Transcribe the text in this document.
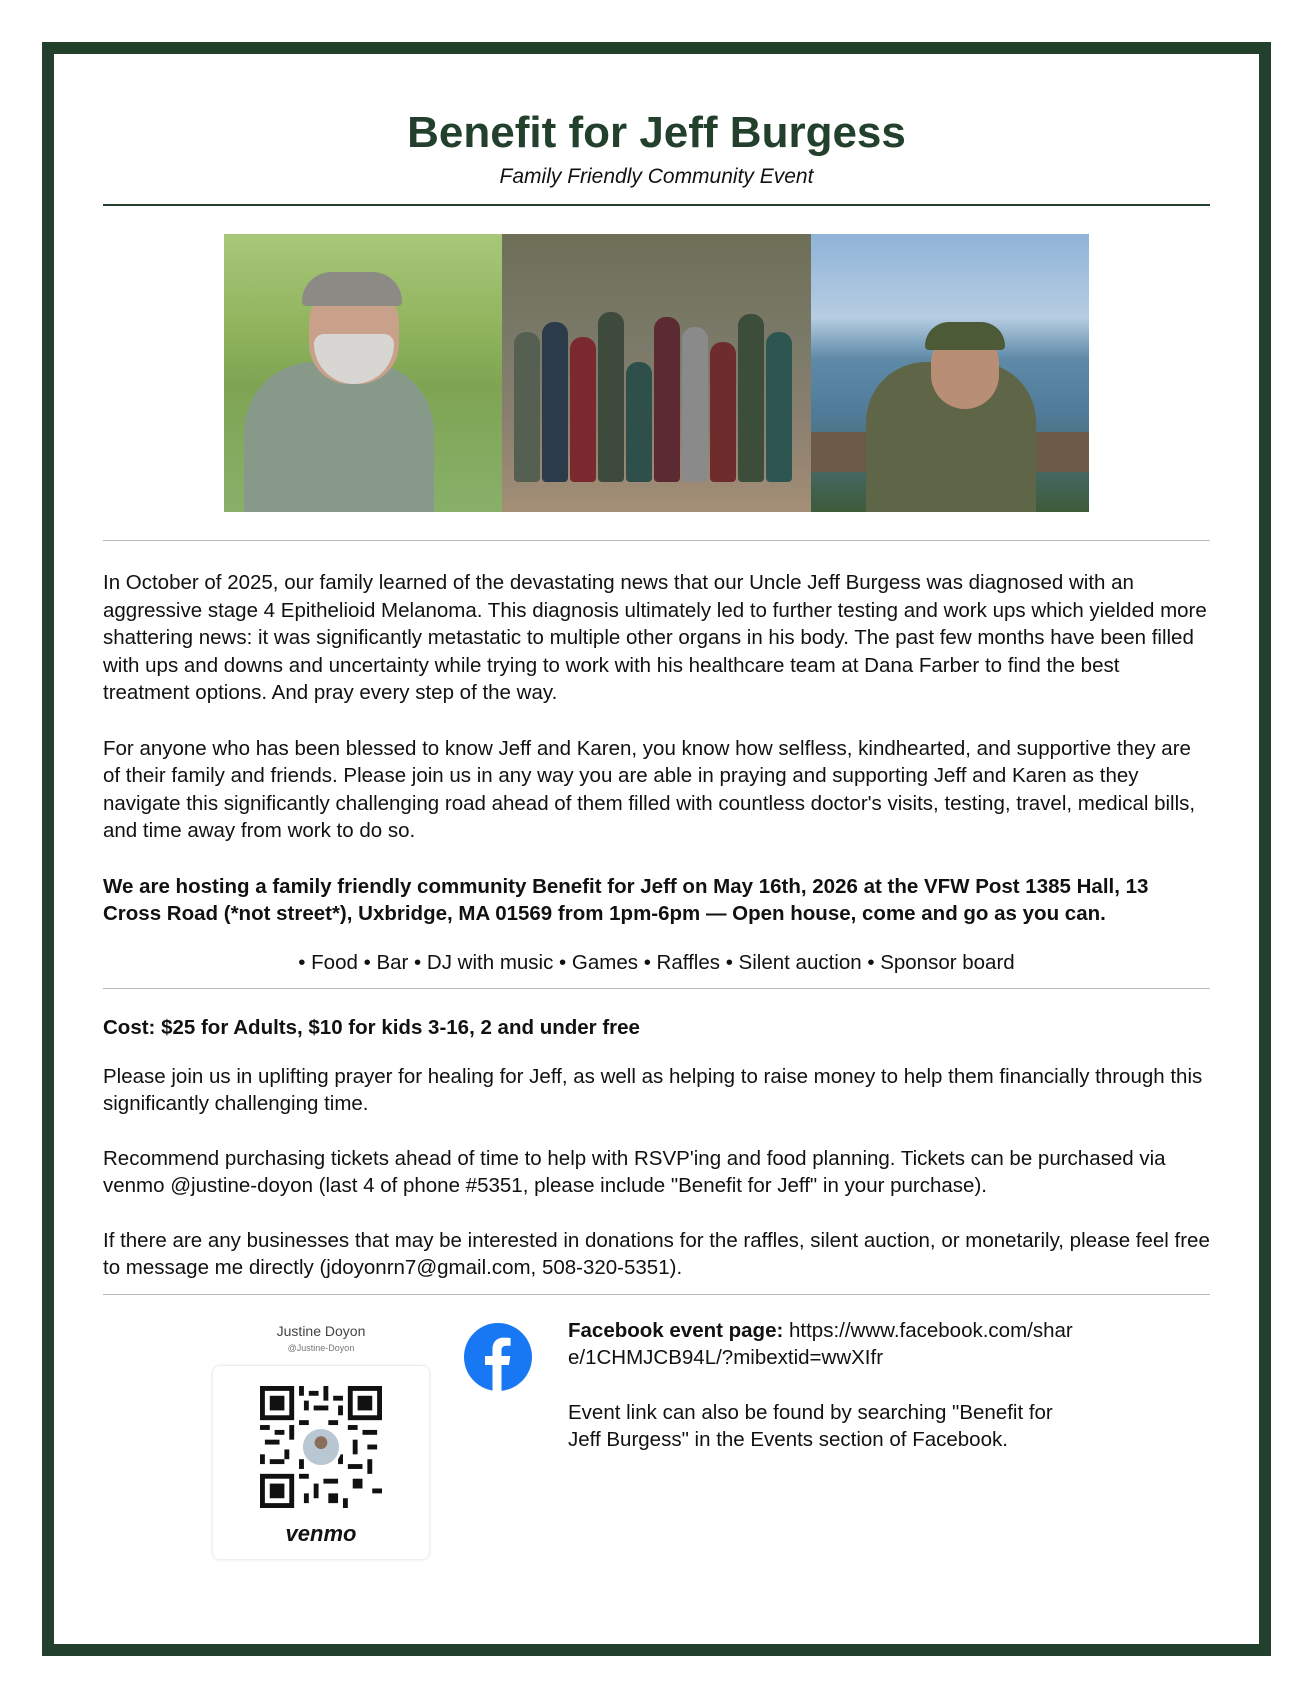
Benefit for Jeff Burgess
Family Friendly Community Event

In October of 2025, our family learned of the devastating news that our Uncle Jeff Burgess was diagnosed with an aggressive stage 4 Epithelioid Melanoma. This diagnosis ultimately led to further testing and work ups which yielded more shattering news: it was significantly metastatic to multiple other organs in his body. The past few months have been filled with ups and downs and uncertainty while trying to work with his healthcare team at Dana Farber to find the best treatment options. And pray every step of the way.

For anyone who has been blessed to know Jeff and Karen, you know how selfless, kindhearted, and supportive they are of their family and friends. Please join us in any way you are able in praying and supporting Jeff and Karen as they navigate this significantly challenging road ahead of them filled with countless doctor's visits, testing, travel, medical bills, and time away from work to do so.

We are hosting a family friendly community Benefit for Jeff on May 16th, 2026 at the VFW Post 1385 Hall, 13 Cross Road (*not street*), Uxbridge, MA 01569 from 1pm-6pm — Open house, come and go as you can.

• Food • Bar • DJ with music • Games • Raffles • Silent auction • Sponsor board

Cost: $25 for Adults, $10 for kids 3-16, 2 and under free

Please join us in uplifting prayer for healing for Jeff, as well as helping to raise money to help them financially through this significantly challenging time.

Recommend purchasing tickets ahead of time to help with RSVP'ing and food planning. Tickets can be purchased via venmo @justine-doyon (last 4 of phone #5351, please include "Benefit for Jeff" in your purchase).

If there are any businesses that may be interested in donations for the raffles, silent auction, or monetarily, please feel free to message me directly (jdoyonrn7@gmail.com, 508-320-5351).

Justine Doyon
@Justine-Doyon
venmo

Facebook event page: https://www.facebook.com/shar
e/1CHMJCB94L/?mibextid=wwXIfr

Event link can also be found by searching "Benefit for Jeff Burgess" in the Events section of Facebook.
